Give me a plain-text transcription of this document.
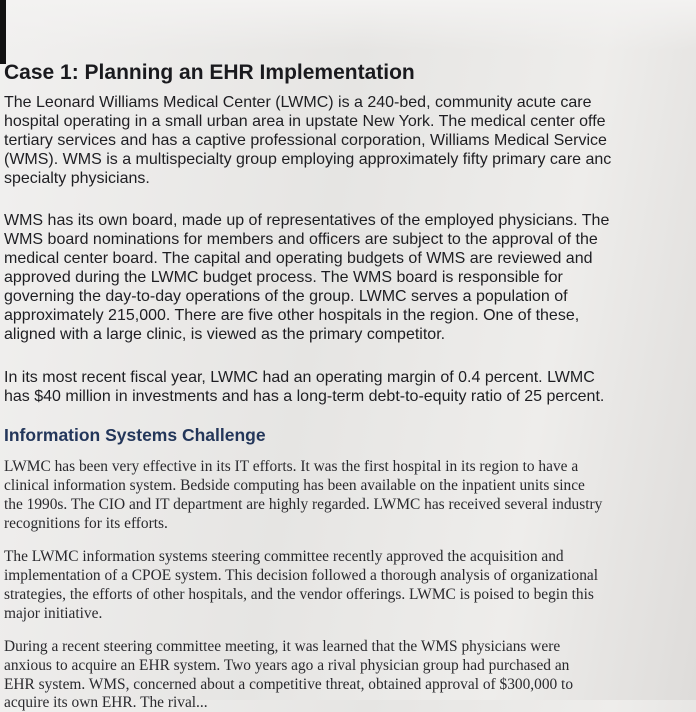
Case 1: Planning an EHR Implementation
The Leonard Williams Medical Center (LWMC) is a 240-bed, community acute care
hospital operating in a small urban area in upstate New York. The medical center offe
tertiary services and has a captive professional corporation, Williams Medical Service
(WMS). WMS is a multispecialty group employing approximately fifty primary care anc
specialty physicians.
WMS has its own board, made up of representatives of the employed physicians. The
WMS board nominations for members and officers are subject to the approval of the
medical center board. The capital and operating budgets of WMS are reviewed and
approved during the LWMC budget process. The WMS board is responsible for
governing the day-to-day operations of the group. LWMC serves a population of
approximately 215,000. There are five other hospitals in the region. One of these,
aligned with a large clinic, is viewed as the primary competitor.
In its most recent fiscal year, LWMC had an operating margin of 0.4 percent. LWMC
has $40 million in investments and has a long-term debt-to-equity ratio of 25 percent.
Information Systems Challenge
LWMC has been very effective in its IT efforts. It was the first hospital in its region to have a
clinical information system. Bedside computing has been available on the inpatient units since
the 1990s. The CIO and IT department are highly regarded. LWMC has received several industry
recognitions for its efforts.
The LWMC information systems steering committee recently approved the acquisition and
implementation of a CPOE system. This decision followed a thorough analysis of organizational
strategies, the efforts of other hospitals, and the vendor offerings. LWMC is poised to begin this
major initiative.
During a recent steering committee meeting, it was learned that the WMS physicians were
anxious to acquire an EHR system. Two years ago a rival physician group had purchased an
EHR system. WMS, concerned about a competitive threat, obtained approval of $300,000 to
acquire its own EHR. The rival...
